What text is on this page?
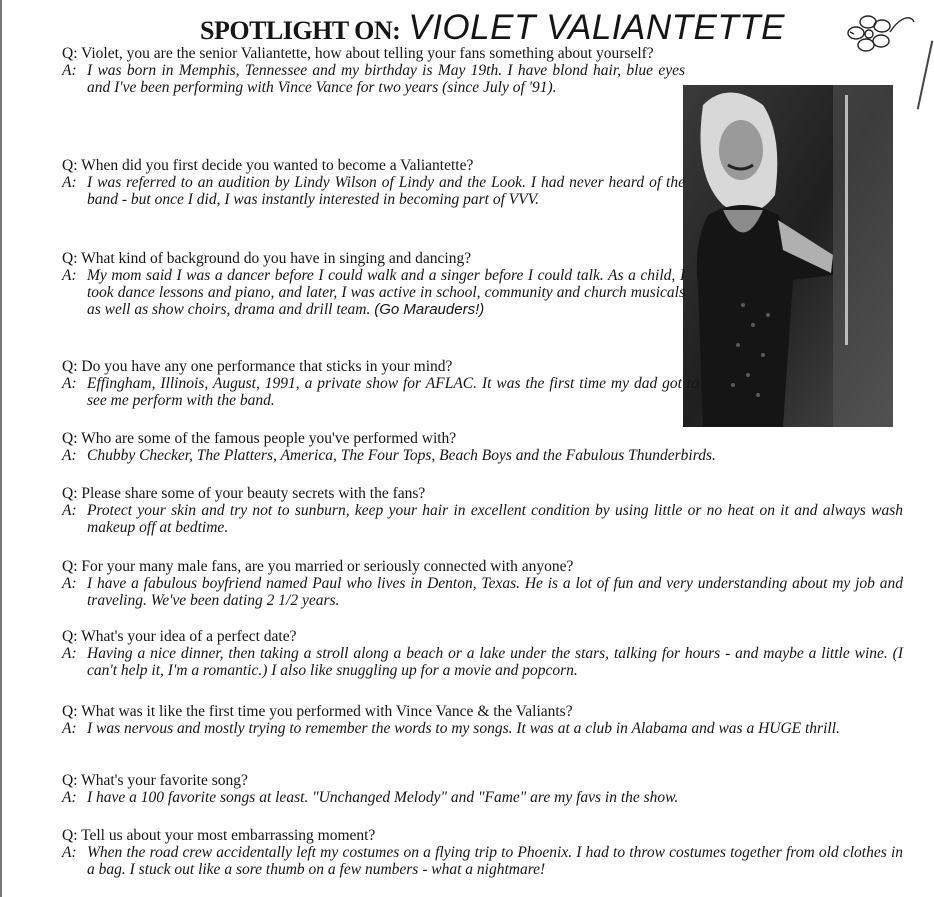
SPOTLIGHT ON: VIOLET VALIANTETTE

Q: Violet, you are the senior Valiantette, how about telling your fans something about yourself?

A: I was born in Memphis, Tennessee and my birthday is May 19th. I have blond hair, blue eyes and I've been performing with Vince Vance for two years (since July of '91).

Q: When did you first decide you wanted to become a Valiantette?

A: I was referred to an audition by Lindy Wilson of Lindy and the Look. I had never heard of the band - but once I did, I was instantly interested in becoming part of VVV.

Q: What kind of background do you have in singing and dancing?

A: My mom said I was a dancer before I could walk and a singer before I could talk. As a child, I took dance lessons and piano, and later, I was active in school, community and church musicals as well as show choirs, drama and drill team. (Go Marauders!)

Q: Do you have any one performance that sticks in your mind?

A: Effingham, Illinois, August, 1991, a private show for AFLAC. It was the first time my dad got to see me perform with the band.

Q: Who are some of the famous people you've performed with?

A: Chubby Checker, The Platters, America, The Four Tops, Beach Boys and the Fabulous Thunderbirds.

Q: Please share some of your beauty secrets with the fans?

A: Protect your skin and try not to sunburn, keep your hair in excellent condition by using little or no heat on it and always wash makeup off at bedtime.

Q: For your many male fans, are you married or seriously connected with anyone?

A: I have a fabulous boyfriend named Paul who lives in Denton, Texas. He is a lot of fun and very understanding about my job and traveling. We've been dating 2 1/2 years.

Q: What's your idea of a perfect date?

A: Having a nice dinner, then taking a stroll along a beach or a lake under the stars, talking for hours - and maybe a little wine. (I can't help it, I'm a romantic.) I also like snuggling up for a movie and popcorn.

Q: What was it like the first time you performed with Vince Vance & the Valiants?

A: I was nervous and mostly trying to remember the words to my songs. It was at a club in Alabama and was a HUGE thrill.

Q: What's your favorite song?

A: I have a 100 favorite songs at least. "Unchanged Melody" and "Fame" are my favs in the show.

Q: Tell us about your most embarrassing moment?

A: When the road crew accidentally left my costumes on a flying trip to Phoenix. I had to throw costumes together from old clothes in a bag. I stuck out like a sore thumb on a few numbers - what a nightmare!
